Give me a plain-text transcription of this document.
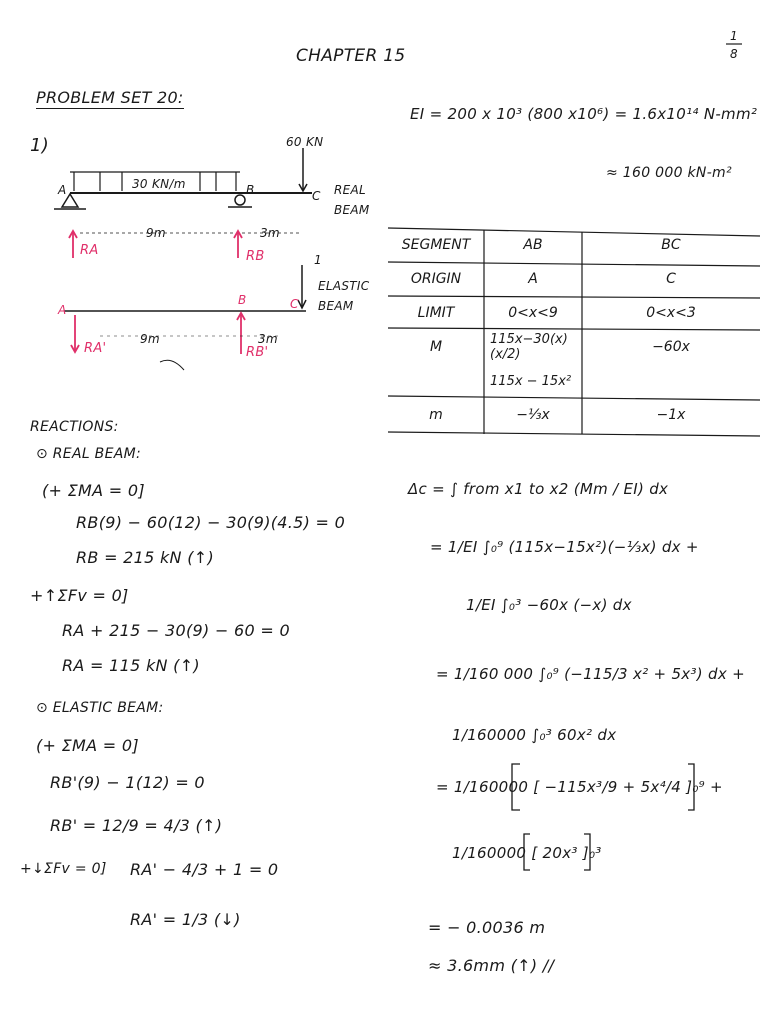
CHAPTER 15
1
8
PROBLEM SET 20:
1)
EI = 200 x 10³ (800 x10⁶) = 1.6x10¹⁴ N-mm²
≈ 160 000 kN-m²
60 KN
30 KN/m
A	B	C REAL
BEAM
9m	3m
RA	RB	1
ELASTIC
BEAM
A
B	C
9m	3m
RA'	RB'
SEGMENT	AB	BC
ORIGIN	A	C
LIMIT	0<x<9	0<x<3
M	115x−30(x)(x/2)	−60x
	115x − 15x²	
m	−⅓x	−1x
REACTIONS:
⊙ REAL BEAM:
(+ ΣMA = 0]
RB(9) − 60(12) − 30(9)(4.5) = 0
RB = 215 kN (↑)
+↑ΣFv = 0]
RA + 215 − 30(9) − 60 = 0
RA = 115 kN (↑)
⊙ ELASTIC BEAM:
(+ ΣMA = 0]
RB'(9) − 1(12) = 0
RB' = 12/9 = 4/3 (↑)
+↓ΣFv = 0] RA' − 4/3 + 1 = 0
RA' = 1/3 (↓)
Δc = ∫ from x1 to x2 (Mm / EI) dx
= 1/EI ∫₀⁹ (115x−15x²)(−⅓x) dx +
1/EI ∫₀³ −60x (−x) dx
= 1/160 000 ∫₀⁹ (−115/3 x² + 5x³) dx +
1/160000 ∫₀³ 60x² dx
= 1/160000 [ −115x³/9 + 5x⁴/4 ]₀⁹ +
1/160000 [ 20x³ ]₀³
= − 0.0036 m
≈ 3.6mm (↑) //
